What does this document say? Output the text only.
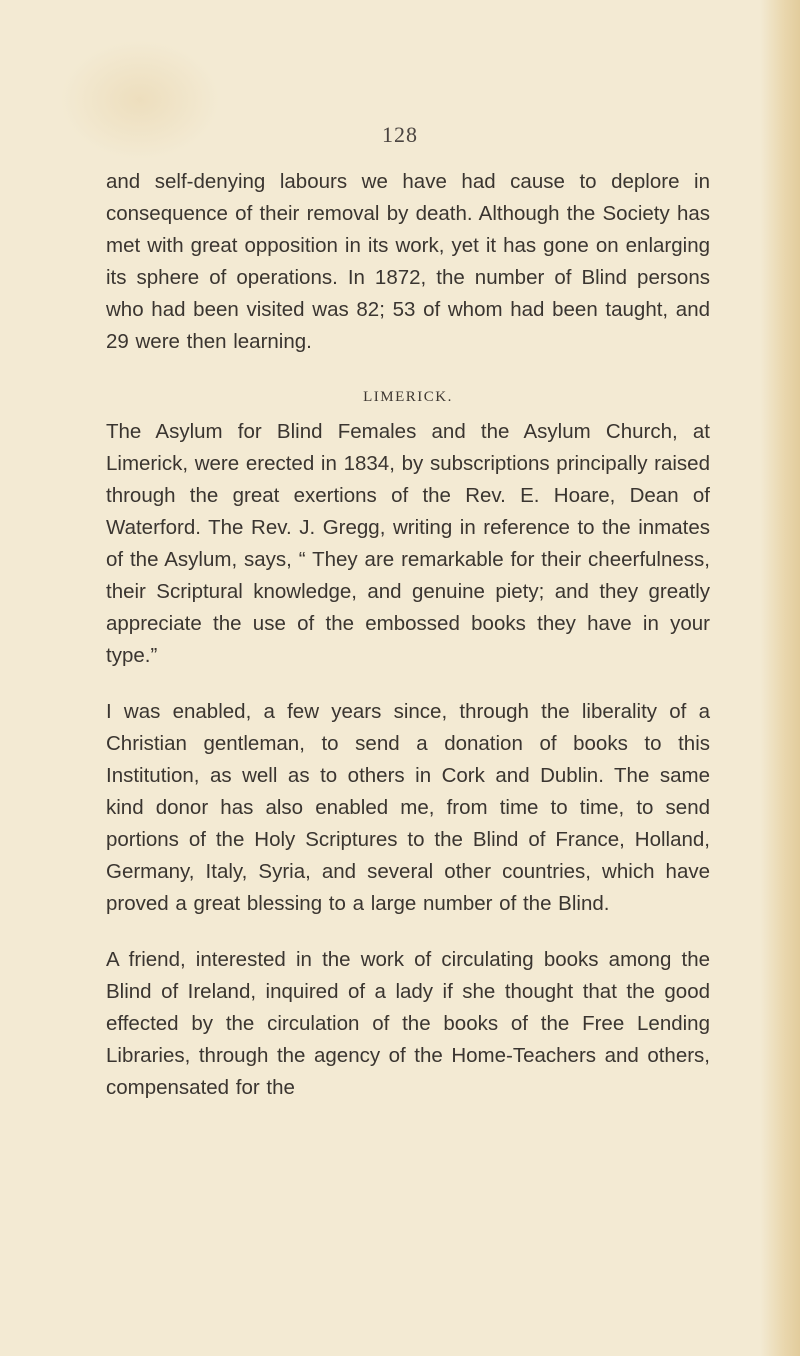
128

and self-denying labours we have had cause to deplore in consequence of their removal by death. Although the Society has met with great opposition in its work, yet it has gone on enlarging its sphere of operations. In 1872, the number of Blind persons who had been visited was 82; 53 of whom had been taught, and 29 were then learning.

LIMERICK.

The Asylum for Blind Females and the Asylum Church, at Limerick, were erected in 1834, by subscriptions principally raised through the great exertions of the Rev. E. Hoare, Dean of Waterford. The Rev. J. Gregg, writing in reference to the inmates of the Asylum, says, “ They are remarkable for their cheerfulness, their Scriptural knowledge, and genuine piety; and they greatly appreciate the use of the embossed books they have in your type.”

I was enabled, a few years since, through the liberality of a Christian gentleman, to send a donation of books to this Institution, as well as to others in Cork and Dublin. The same kind donor has also enabled me, from time to time, to send portions of the Holy Scriptures to the Blind of France, Holland, Germany, Italy, Syria, and several other countries, which have proved a great blessing to a large number of the Blind.

A friend, interested in the work of circulating books among the Blind of Ireland, inquired of a lady if she thought that the good effected by the circulation of the books of the Free Lending Libraries, through the agency of the Home-Teachers and others, compensated for the
